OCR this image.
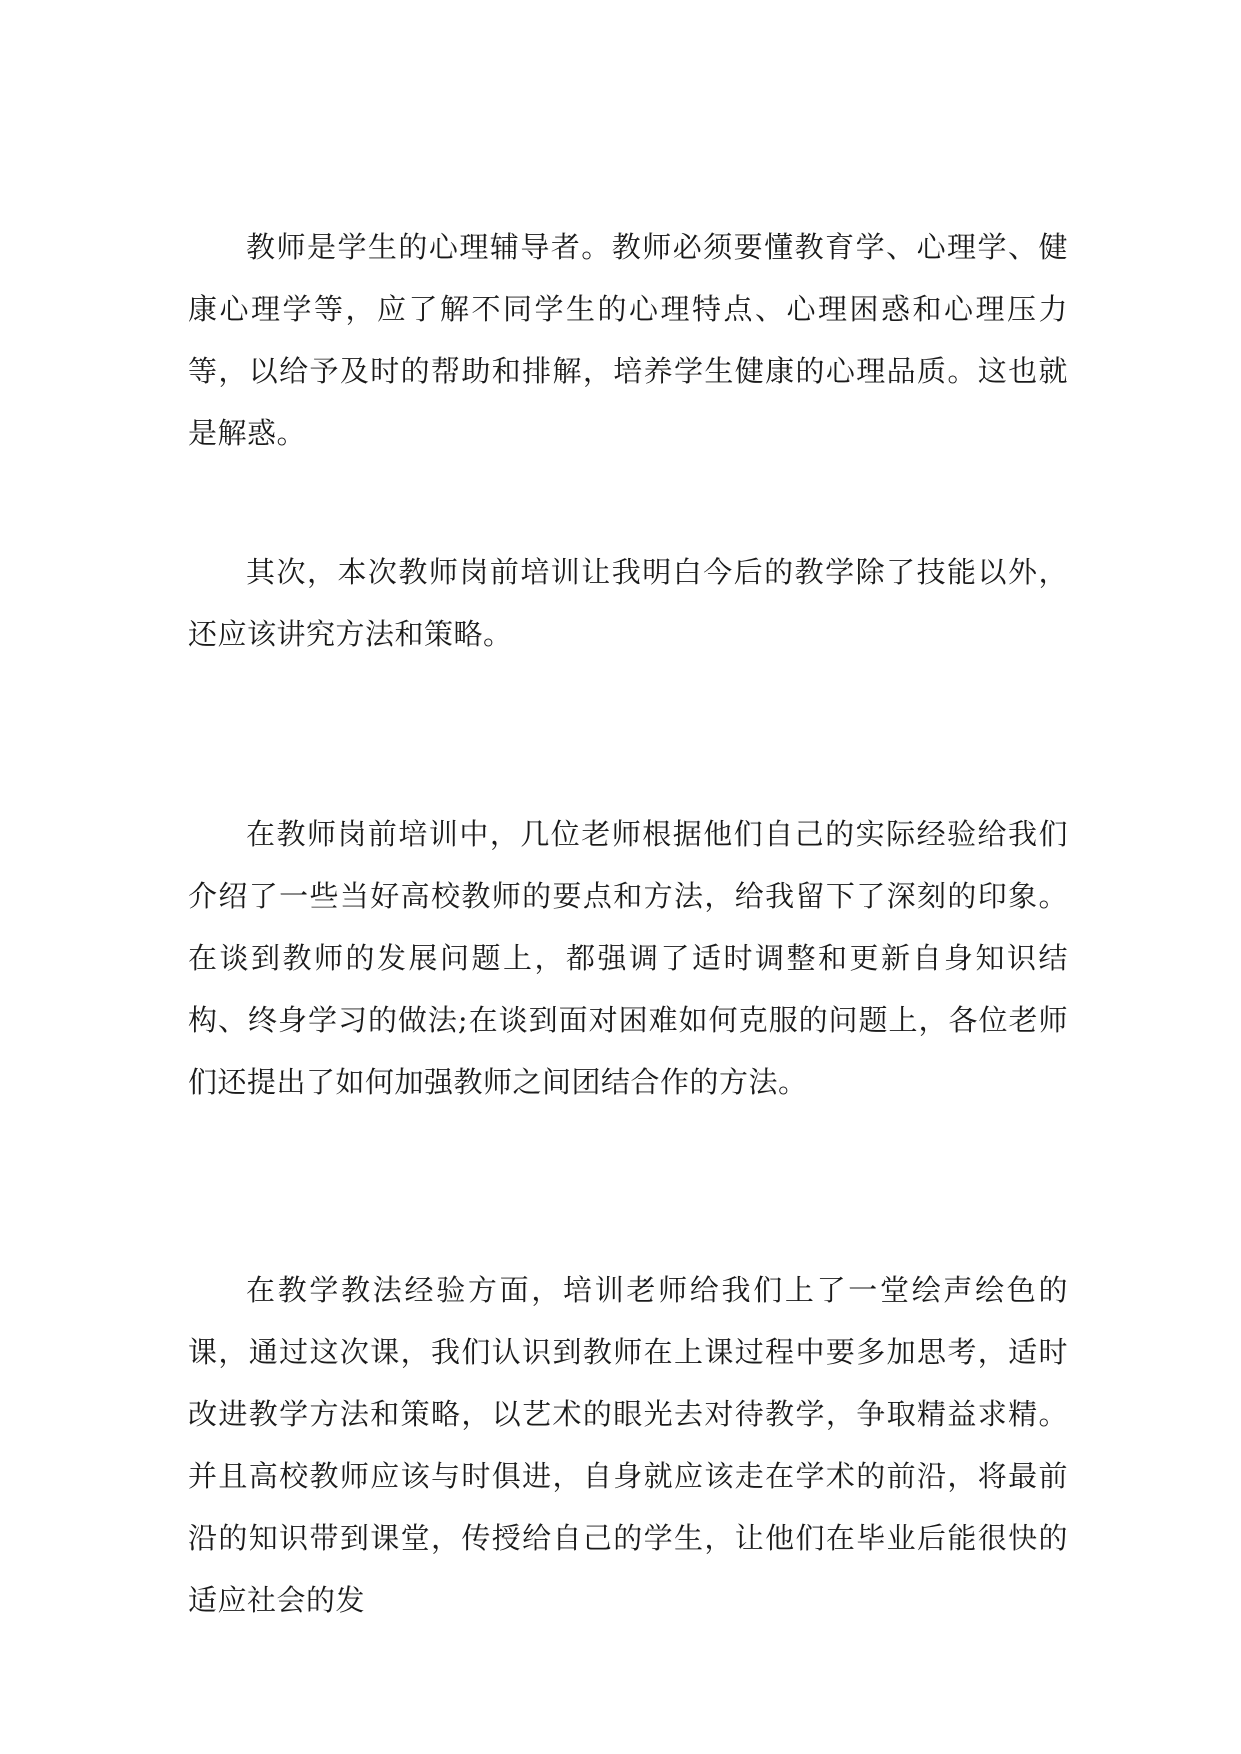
教师是学生的心理辅导者。教师必须要懂教育学、心理学、健康心理学等，应了解不同学生的心理特点、心理困惑和心理压力等，以给予及时的帮助和排解，培养学生健康的心理品质。这也就是解惑。

其次，本次教师岗前培训让我明白今后的教学除了技能以外，还应该讲究方法和策略。

在教师岗前培训中，几位老师根据他们自己的实际经验给我们介绍了一些当好高校教师的要点和方法，给我留下了深刻的印象。在谈到教师的发展问题上，都强调了适时调整和更新自身知识结构、终身学习的做法;在谈到面对困难如何克服的问题上，各位老师们还提出了如何加强教师之间团结合作的方法。

在教学教法经验方面，培训老师给我们上了一堂绘声绘色的课，通过这次课，我们认识到教师在上课过程中要多加思考，适时改进教学方法和策略，以艺术的眼光去对待教学，争取精益求精。并且高校教师应该与时俱进，自身就应该走在学术的前沿，将最前沿的知识带到课堂，传授给自己的学生，让他们在毕业后能很快的适应社会的发
